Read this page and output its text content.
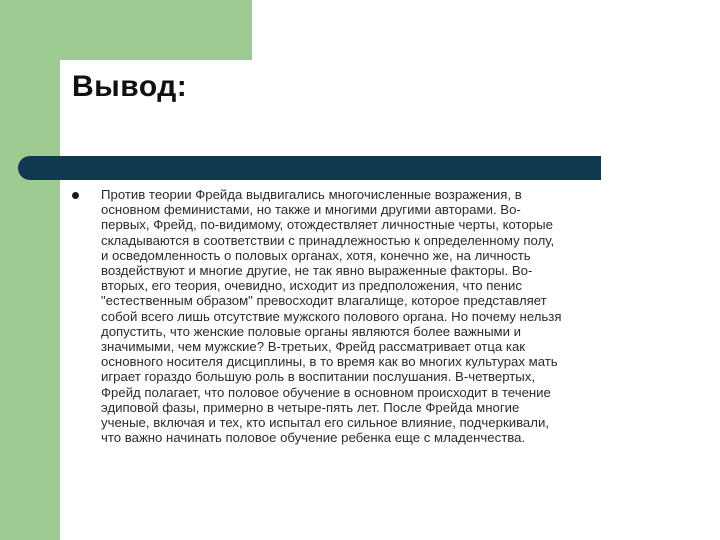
Вывод:
Против теории Фрейда выдвигались многочисленные возражения, в
основном феминистами, но также и многими другими авторами. Во-
первых, Фрейд, по-видимому, отождествляет личностные черты, которые
складываются в соответствии с принадлежностью к определенному полу,
и осведомленность о половых органах, хотя, конечно же, на личность
воздействуют и многие другие, не так явно выраженные факторы. Во-
вторых, его теория, очевидно, исходит из предположения, что пенис
"естественным образом" превосходит влагалище, которое представляет
собой всего лишь отсутствие мужского полового органа. Но почему нельзя
допустить, что женские половые органы являются более важными и
значимыми, чем мужские? В-третьих, Фрейд рассматривает отца как
основного носителя дисциплины, в то время как во многих культурах мать
играет гораздо большую роль в воспитании послушания. В-четвертых,
Фрейд полагает, что половое обучение в основном происходит в течение
эдиповой фазы, примерно в четыре-пять лет. После Фрейда многие
ученые, включая и тех, кто испытал его сильное влияние, подчеркивали,
что важно начинать половое обучение ребенка еще с младенчества.
